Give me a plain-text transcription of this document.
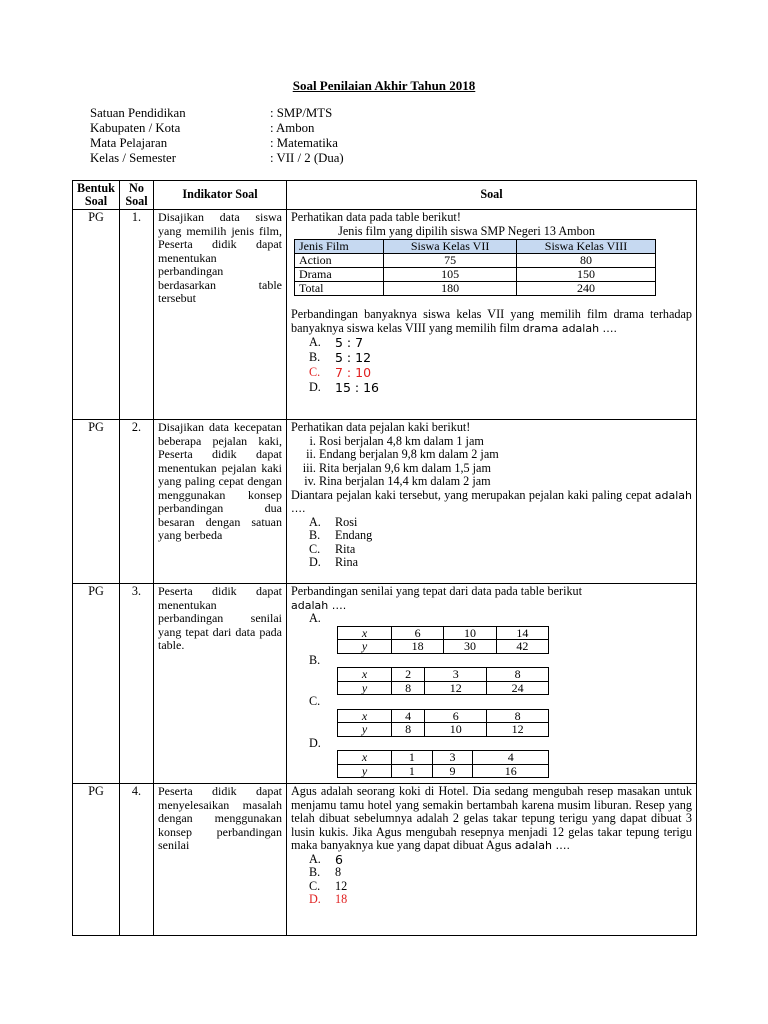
Soal Penilaian Akhir Tahun 2018
Satuan Pendidikan	: SMP/MTS
Kabupaten / Kota	: Ambon
Mata Pelajaran	: Matematika
Kelas / Semester	: VII / 2 (Dua)
Bentuk Soal	No Soal	Indikator Soal	Soal
PG	1.	Disajikan data siswa yang memilih jenis film, Peserta didik dapat menentukan perbandingan berdasarkan table tersebut	
Perhatikan data pada table berikut!
Jenis film yang dipilih siswa SMP Negeri 13 Ambon
Jenis Film	Siswa Kelas VII	Siswa Kelas VIII
Action	75	80
Drama	105	150
Total	180	240
Perbandingan banyaknya siswa kelas VII yang memilih film drama terhadap banyaknya siswa kelas VIII yang memilih film drama adalah ….
A.	5 : 7
B.	5 : 12
C.	7 : 10
D.	15 : 16

PG	2.	Disajikan data kecepatan beberapa pejalan kaki, Peserta didik dapat menentukan pejalan kaki yang paling cepat dengan menggunakan konsep perbandingan dua besaran dengan satuan yang berbeda	
Perhatikan data pejalan kaki berikut!
i. Rosi berjalan 4,8 km dalam 1 jam
ii. Endang berjalan 9,8 km dalam 2 jam
iii. Rita berjalan 9,6 km dalam 1,5 jam
iv. Rina berjalan 14,4 km dalam 2 jam
Diantara pejalan kaki tersebut, yang merupakan pejalan kaki paling cepat adalah ….
A.	Rosi
B.	Endang
C.	Rita
D.	Rina

PG	3.	Peserta didik dapat menentukan perbandingan senilai yang tepat dari data pada table.	
Perbandingan senilai yang tepat dari data pada table berikut
adalah ….
A.
x	6	10	14
y	18	30	42
B.
x	2	3	8
y	8	12	24
C.
x	4	6	8
y	8	10	12
D.
x	1	3	4
y	1	9	16

PG	4.	Peserta didik dapat menyelesaikan masalah dengan menggunakan konsep perbandingan senilai	
Agus adalah seorang koki di Hotel. Dia sedang mengubah resep masakan untuk menjamu tamu hotel yang semakin bertambah karena musim liburan. Resep yang telah dibuat sebelumnya adalah 2 gelas takar tepung terigu yang dapat dibuat 3 lusin kukis. Jika Agus mengubah resepnya menjadi 12 gelas takar tepung terigu maka banyaknya kue yang dapat dibuat Agus adalah ….
A.	6
B.	8
C.	12
D.	18
